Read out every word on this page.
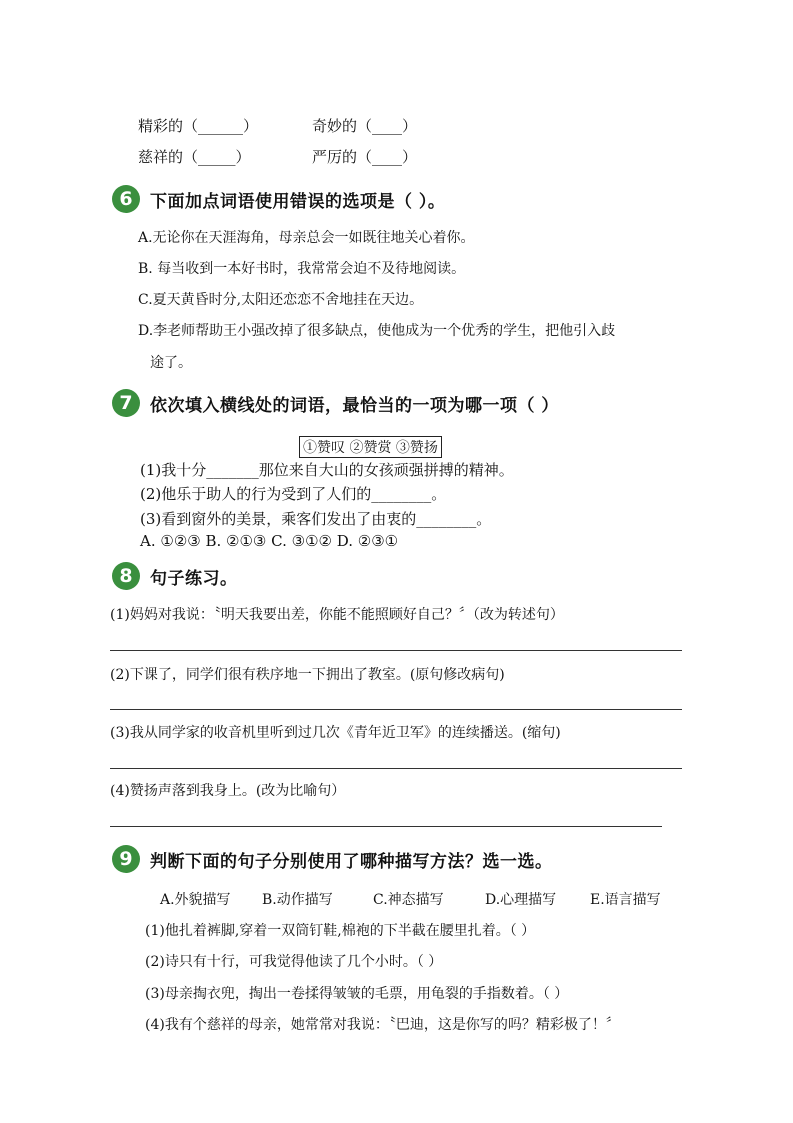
精彩的（______）	奇妙的（____）
慈祥的（_____）	严厉的（____）
6	下面加点词语使用错误的选项是（ ）。
A.无论你在天涯海角，母亲总会一如既往地关心着你。
B. 每当收到一本好书时，我常常会迫不及待地阅读。
C.夏天黄昏时分,太阳还恋恋不舍地挂在天边。
D.李老师帮助王小强改掉了很多缺点，使他成为一个优秀的学生，把他引入歧
途了。
7	依次填入横线处的词语，最恰当的一项为哪一项（ ）
①赞叹 ②赞赏 ③赞扬
(1)我十分_______那位来自大山的女孩顽强拼搏的精神。
(2)他乐于助人的行为受到了人们的________。
(3)看到窗外的美景，乘客们发出了由衷的________。
A. ①②③ B. ②①③ C. ③①② D. ②③①
8	句子练习。
(1)妈妈对我说：〝明天我要出差，你能不能照顾好自己？〞（改为转述句）
(2)下课了，同学们很有秩序地一下拥出了教室。(原句修改病句)
(3)我从同学家的收音机里听到过几次《青年近卫军》的连续播送。(缩句)
(4)赞扬声落到我身上。(改为比喻句）
9	判断下面的句子分别使用了哪种描写方法？选一选。
A.外貌描写 B.动作描写	C.神态描写	D.心理描写 E.语言描写
(1)他扎着裤脚,穿着一双筒钉鞋,棉袍的下半截在腰里扎着。（ ）
(2)诗只有十行，可我觉得他读了几个小时。（ ）
(3)母亲掏衣兜，掏出一卷揉得皱皱的毛票，用龟裂的手指数着。（ ）
(4)我有个慈祥的母亲，她常常对我说：〝巴迪，这是你写的吗？精彩极了！〞
